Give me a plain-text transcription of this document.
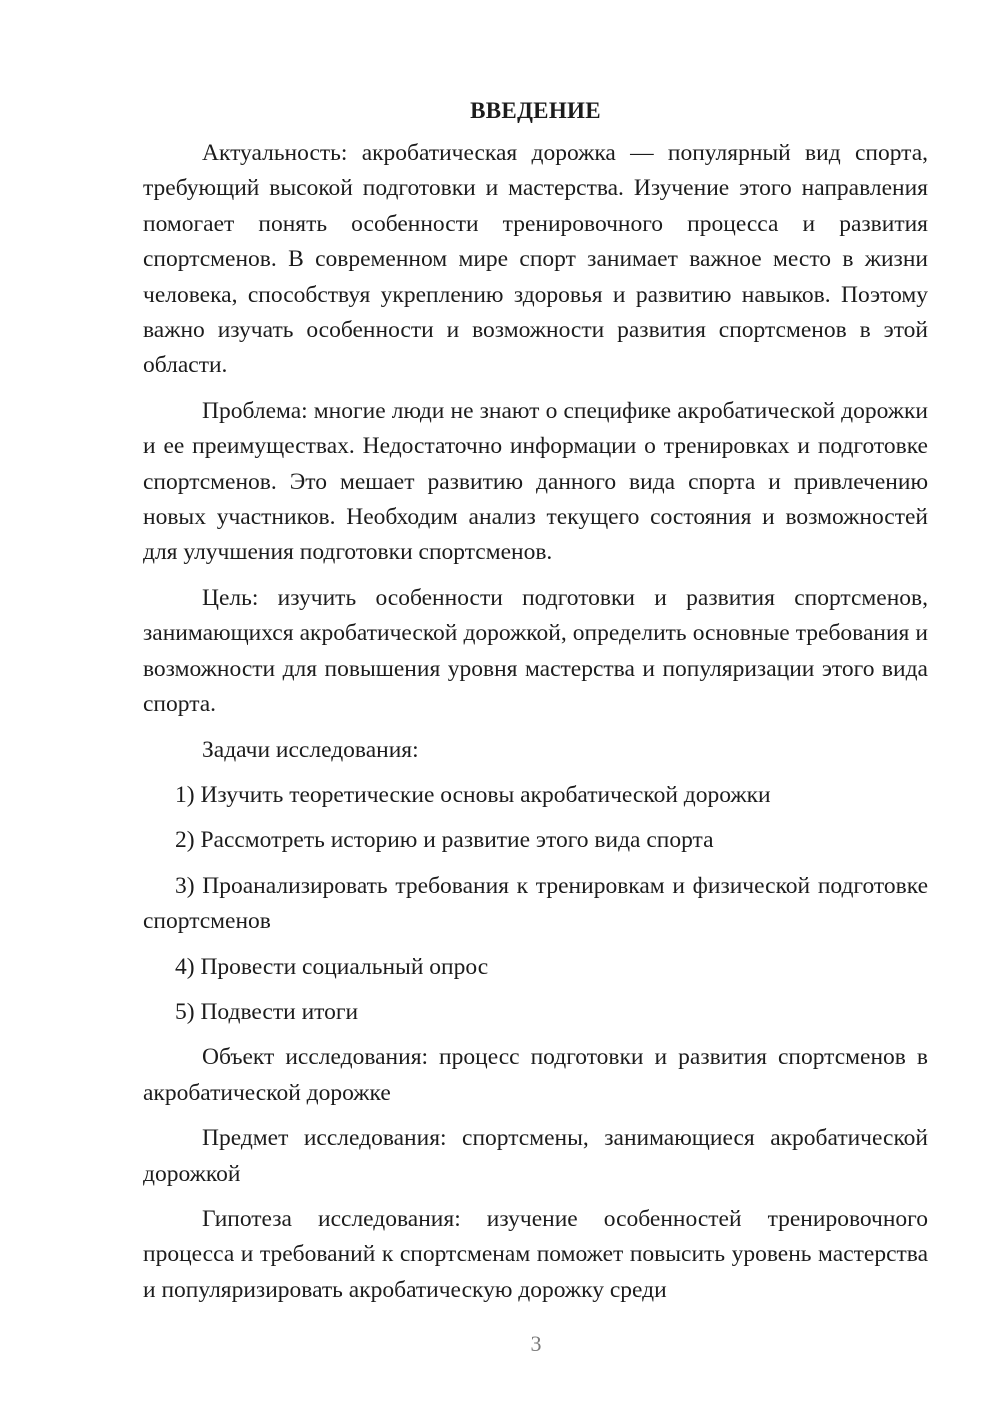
ВВЕДЕНИЕ

Актуальность: акробатическая дорожка — популярный вид спорта, требующий высокой подготовки и мастерства. Изучение этого направления помогает понять особенности тренировочного процесса и развития спортсменов. В современном мире спорт занимает важное место в жизни человека, способствуя укреплению здоровья и развитию навыков. Поэтому важно изучать особенности и возможности развития спортсменов в этой области.

Проблема: многие люди не знают о специфике акробатической дорожки и ее преимуществах. Недостаточно информации о тренировках и подготовке спортсменов. Это мешает развитию данного вида спорта и привлечению новых участников. Необходим анализ текущего состояния и возможностей для улучшения подготовки спортсменов.

Цель: изучить особенности подготовки и развития спортсменов, занимающихся акробатической дорожкой, определить основные требования и возможности для повышения уровня мастерства и популяризации этого вида спорта.

Задачи исследования:

1) Изучить теоретические основы акробатической дорожки

2) Рассмотреть историю и развитие этого вида спорта

3) Проанализировать требования к тренировкам и физической подготовке спортсменов

4) Провести социальный опрос

5) Подвести итоги

Объект исследования: процесс подготовки и развития спортсменов в акробатической дорожке

Предмет исследования: спортсмены, занимающиеся акробатической дорожкой

Гипотеза исследования: изучение особенностей тренировочного процесса и требований к спортсменам поможет повысить уровень мастерства и популяризировать акробатическую дорожку среди

3
